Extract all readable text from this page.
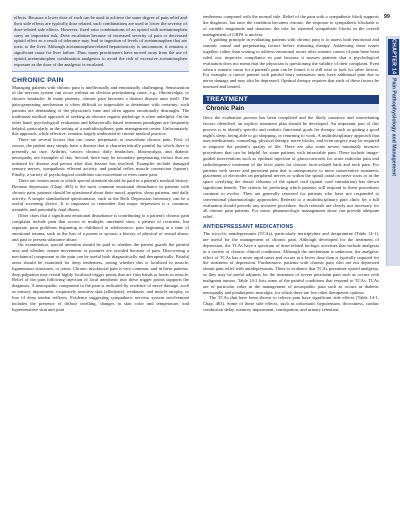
99
CHAPTER 14
Pain Pathophysiology and Management

effects. Because a lower dose of each can be used to achieve the same degree of pain relief and their side effects are typically dose related, such combinations are used to lower the severity of dose-related side effects. However, fixed ratio combinations of an opioid with acetaminophen carry an important risk. Dose escalation because of increased severity of pain or decreased opioid effect as a result of tolerance may lead to ingestion of levels of acetaminophen that are toxic to the liver. Although acetaminophen-related hepatotoxicity is uncommon, it remains a significant cause for liver failure. Thus, many practitioners have moved away from the use of opioid–acetaminophen combination analgesics to avoid the risk of excessive acetaminophen exposure as the dose of the analgesic is escalated.

CHRONIC PAIN

Managing patients with chronic pain is intellectually and emotionally challenging. Sensitization of the nervous system can occur without an obvious precipitating cause, e.g., fibromyalgia, or chronic headache. In many patients, chronic pain becomes a distinct disease unto itself. The pain-generating mechanism is often difficult or impossible to determine with certainty; such patients are demanding of the physician's time and often appear emotionally distraught. The traditional medical approach of seeking an obscure organic pathology is often unhelpful. On the other hand, psychological evaluation and behaviorally based treatment paradigms are frequently helpful, particularly in the setting of a multidisciplinary pain management center. Unfortunately, this approach, while effective, remains largely underused in current medical practice.

There are several factors that can cause, perpetuate, or exacerbate chronic pain. First, of course, the patient may simply have a disease that is characteristically painful for which there is presently no cure. Arthritis, cancer, chronic daily headaches, fibromyalgia, and diabetic neuropathy are examples of this. Second, there may be secondary perpetuating factors that are initiated by disease and persist after that disease has resolved. Examples include damaged sensory nerves, sympathetic efferent activity, and painful reflex muscle contraction (spasm). Finally, a variety of psychological conditions can exacerbate or even cause pain.

There are certain areas to which special attention should be paid in a patient's medical history. Because depression (Chap. 463) is the most common emotional disturbance in patients with chronic pain, patients should be questioned about their mood, appetite, sleep patterns, and daily activity. A simple standardized questionnaire, such as the Beck Depression Inventory, can be a useful screening device. It is important to remember that major depression is a common, treatable, and potentially fatal illness.

Other clues that a significant emotional disturbance is contributing to a patient's chronic pain complaint include pain that occurs in multiple, unrelated sites; a pattern of recurrent, but separate, pain problems beginning in childhood or adolescence; pain beginning at a time of emotional trauma, such as the loss of a parent or spouse; a history of physical or sexual abuse; and past or present substance abuse.

On examination, special attention should be paid to whether the patient guards the painful area and whether certain movements or postures are avoided because of pain. Discovering a mechanical component to the pain can be useful both diagnostically and therapeutically. Painful areas should be examined for deep tenderness, noting whether this is localized to muscle, ligamentous structures, or joints. Chronic myofascial pain is very common, and in these patients, deep palpation may reveal highly localized trigger points that are firm bands or knots in muscle. Relief of the pain following injection of local anesthetic into these trigger points supports the diagnosis. A neuropathic component to the pain is indicated by evidence of nerve damage, such as sensory impairment, exquisitely sensitive skin (allodynia), weakness, and muscle atrophy, or loss of deep tendon reflexes. Evidence suggesting sympathetic nervous system involvement includes the presence of diffuse swelling, changes in skin color and temperature, and hypersensitive skin and joint

tenderness compared with the normal side. Relief of the pain with a sympathetic block supports the diagnosis, but once the condition becomes chronic, the response to sympathetic blockade is of variable magnitude and duration; the role for repeated sympathetic blocks in the overall management of CRPS is unclear.

A guiding principle in evaluating patients with chronic pain is to assess both emotional and somatic causal and perpetuating factors before initiating therapy. Addressing these issues together, rather than waiting to address emotional issues after somatic causes of pain have been ruled out, improves compliance in part because it assures patients that a psychological evaluation does not mean that the physician is questioning the validity of their complaint. Even when a somatic cause for a patient's pain can be found, it is still wise to look for other factors. For example, a cancer patient with painful bony metastases may have additional pain due to nerve damage and may also be depressed. Optimal therapy requires that each of these factors be assessed and treated.

TREATMENT
Chronic Pain

Once the evaluation process has been completed and the likely causative and exacerbating factors identified, an explicit treatment plan should be developed. An important part of this process is to identify specific and realistic functional goals for therapy, such as getting a good night's sleep, being able to go shopping, or returning to work. A multidisciplinary approach that uses medications, counseling, physical therapy, nerve blocks, and even surgery may be required to improve the patient's quality of life. There are also some newer, minimally invasive procedures that can be helpful for some patients with intractable pain. These include image-guided interventions such as epidural injection of glucocorticoids for acute radicular pain and radiofrequency treatment of the facet joints for chronic facet-related back and neck pain. For patients with severe and persistent pain that is unresponsive to more conservative treatment, placement of electrodes on peripheral nerves or within the spinal canal on nerve roots or in the space overlying the dorsal columns of the spinal cord (spinal cord stimulation) has shown significant benefit. The criteria for predicting which patients will respond to these procedures continue to evolve. They are generally reserved for patients who have not responded to conventional pharmacologic approaches. Referral to a multidisciplinary pain clinic for a full evaluation should precede any invasive procedure. Such referrals are clearly not necessary for all chronic pain patients. For some, pharmacologic management alone can provide adequate relief.

ANTIDEPRESSANT MEDICATIONS

The tricyclic antidepressants (TCAs), particularly nortriptyline and desipramine (Table 14-1), are useful for the management of chronic pain. Although developed for the treatment of depression, the TCAs have a spectrum of dose-related biologic activities that include analgesia in a variety of chronic clinical conditions. Although the mechanism is unknown, the analgesic effect of TCAs has a more rapid onset and occurs at a lower dose than is typically required for the treatment of depression. Furthermore, patients with chronic pain who are not depressed obtain pain relief with antidepressants. There is evidence that TCAs potentiate opioid analgesia, so they may be useful adjuncts for the treatment of severe persistent pain such as occurs with malignant tumors. Table 14-2 lists some of the painful conditions that respond to TCAs. TCAs are of particular value in the management of neuropathic pain such as occurs in diabetic neuropathy and postherpetic neuralgia, for which there are few other therapeutic options.

The TCAs that have been shown to relieve pain have significant side effects (Table 14-1; Chap. 463). Some of these side effects, such as orthostatic hypotension, drowsiness, cardiac conduction delay, memory impairment, constipation, and urinary retention,
